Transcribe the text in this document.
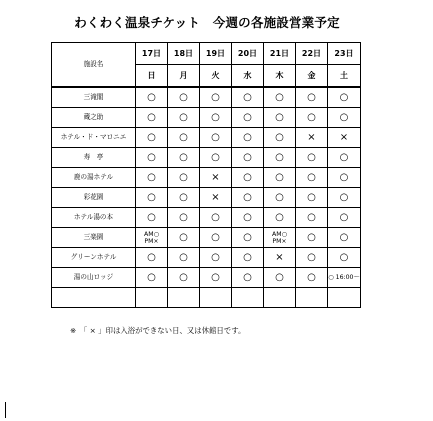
わくわく温泉チケット　今週の各施設営業予定
施設名	17日	18日	19日	20日	21日	22日	23日
	日	月	火	水	木	金	土
三滝閣	○	○	○	○	○	○	○
蔵之助	○	○	○	○	○	○	○
ホテル・ド・マロニエ	○	○	○	○	○	×	×
寿　亭	○	○	○	○	○	○	○
鹿の湯ホテル	○	○	×	○	○	○	○
彩花園	○	○	×	○	○	○	○
ホテル湯の本	○	○	○	○	○	○	○
三楽園	AM○ PM×	○	○	○	AM○ PM×	○	○
グリーンホテル	○	○	○	○	×	○	○
湯の山ロッジ	○	○	○	○	○	○	○ 16:00〜

※　「 × 」印は入浴ができない日、又は休館日です。
